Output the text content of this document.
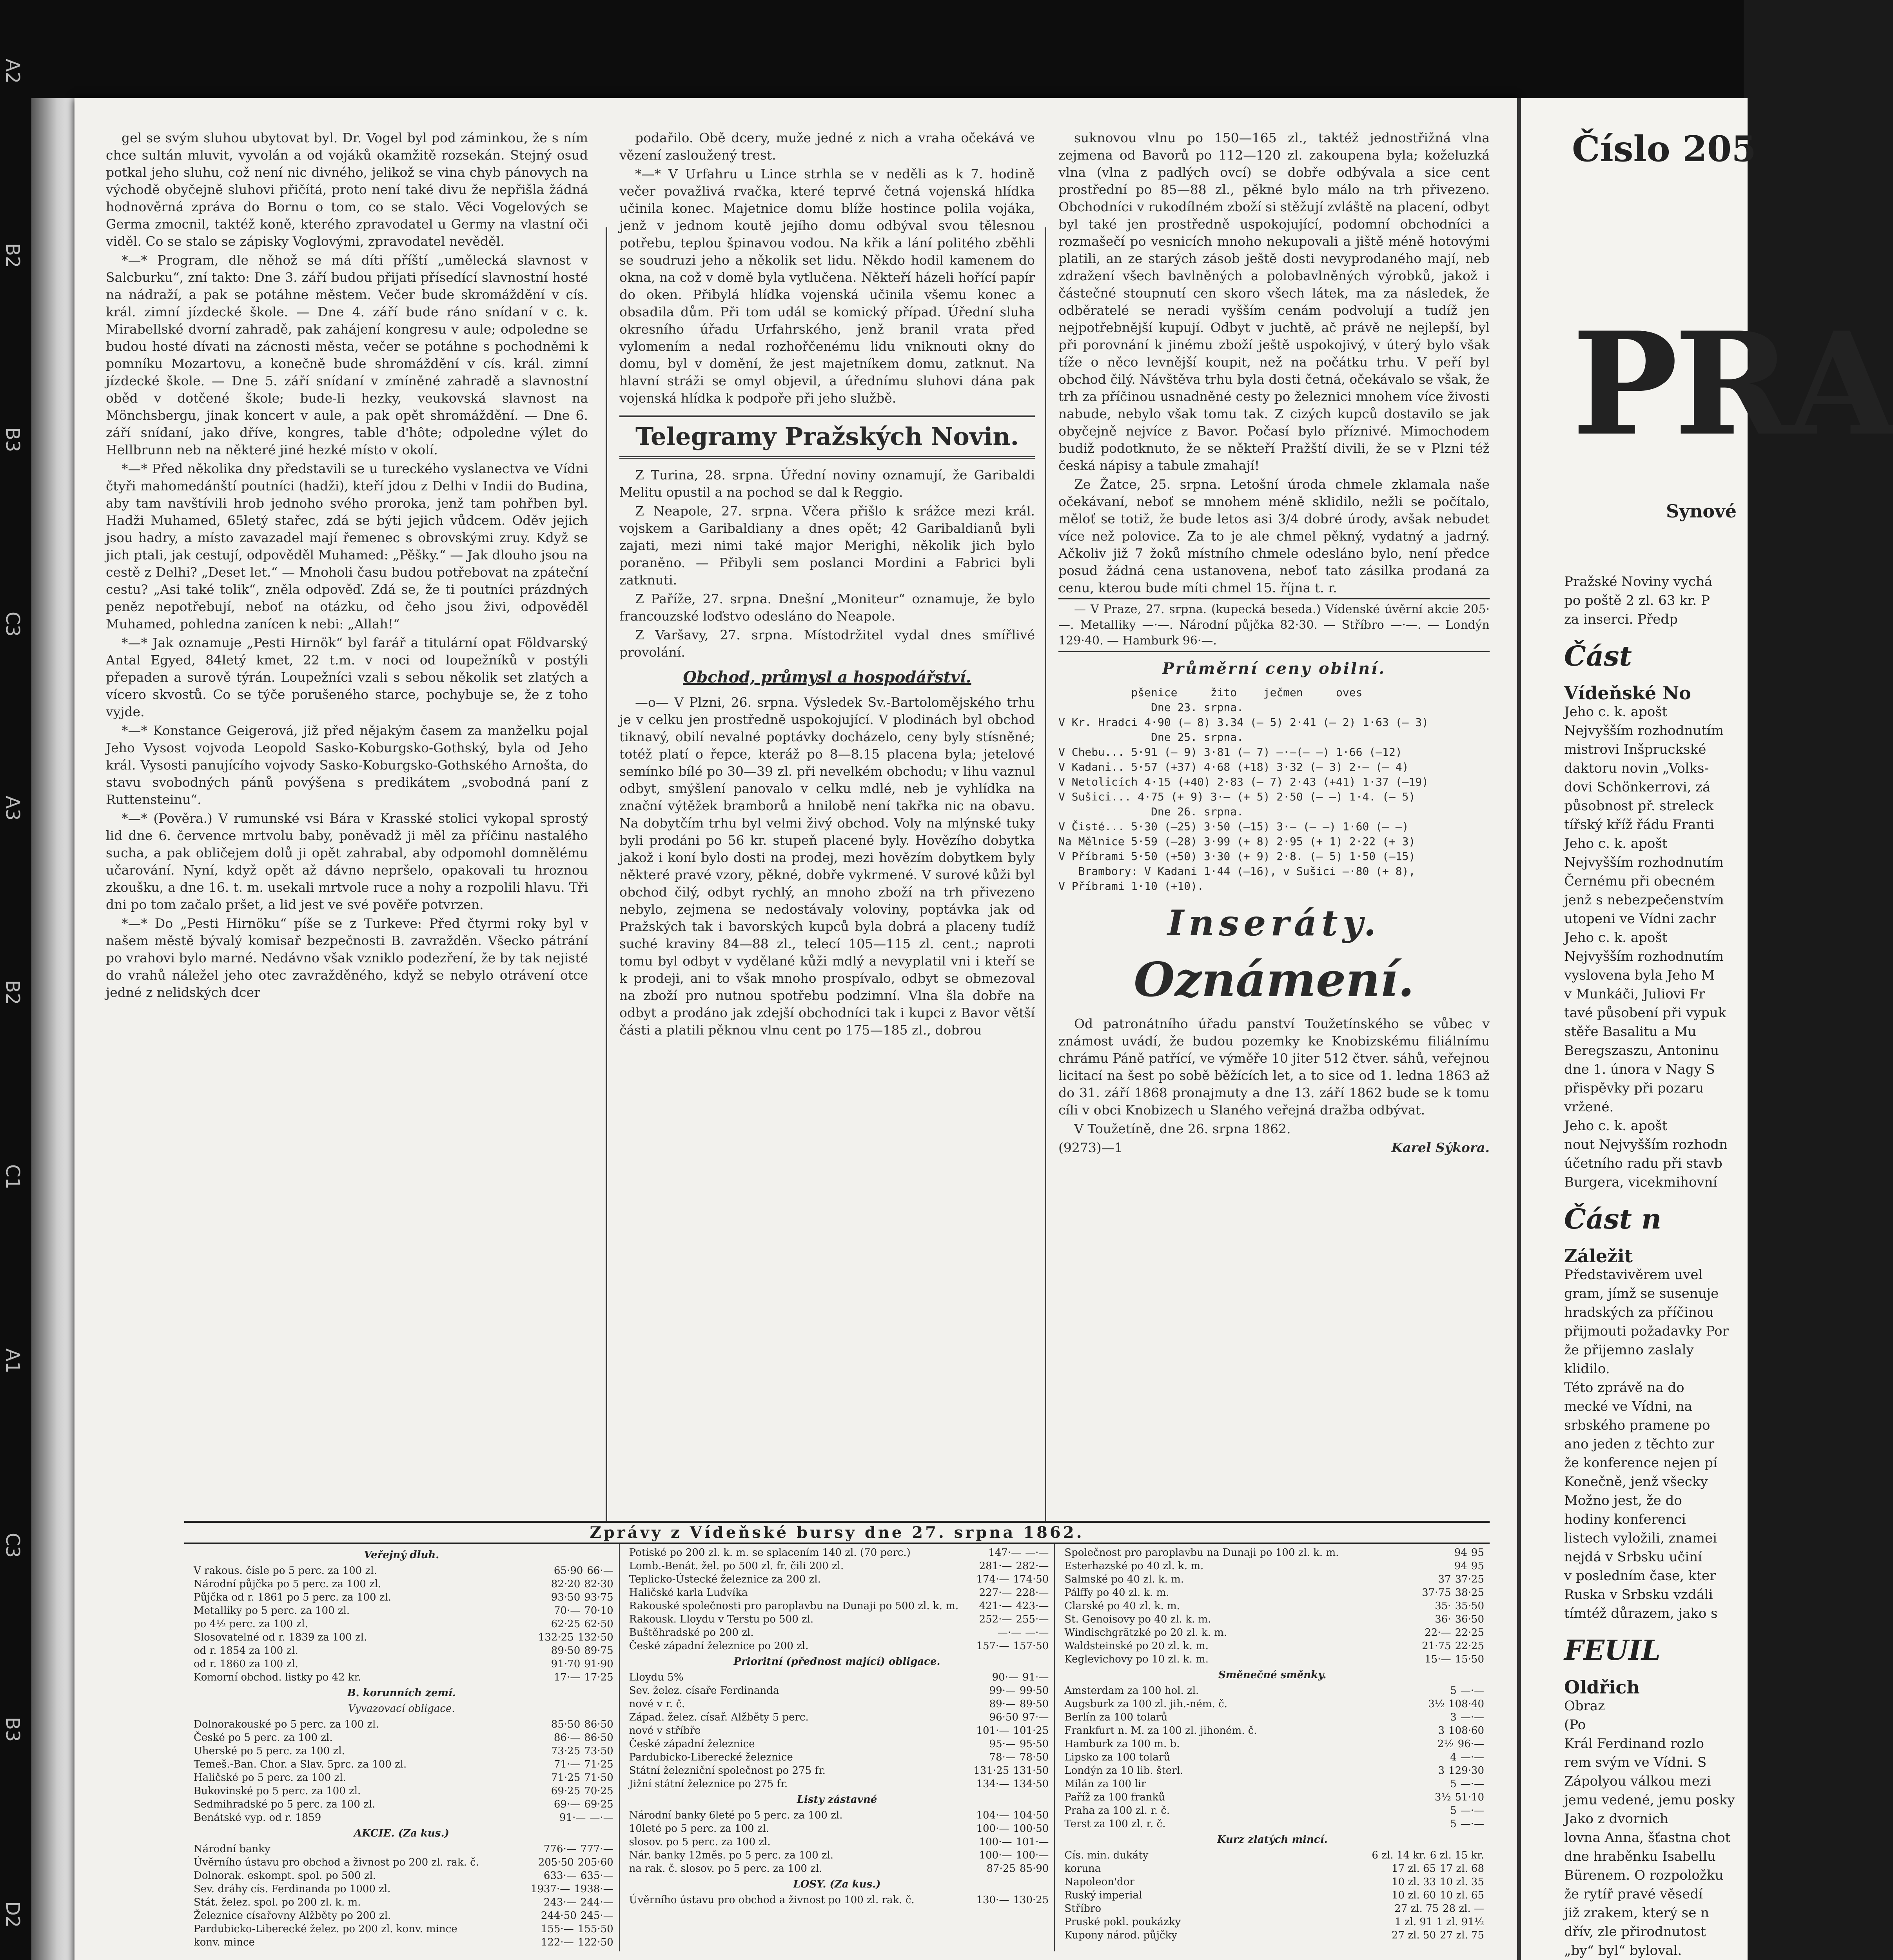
A2
B2
B3
C3
A3
B2
C1
A1
C3
B3
D2

gel se svým sluhou ubytovat byl. Dr. Vogel byl pod záminkou, že s ním chce sultán mluvit, vyvolán a od vojáků okamžitě rozsekán. Stejný osud potkal jeho sluhu, což není nic divného, jelikož se vina chyb pánovych na východě obyčejně sluhovi přičítá, proto není také divu že nepřišla žádná hodnověrná zpráva do Bornu o tom, co se stalo. Věci Vogelových se Germa zmocnil, taktéž koně, kterého zpravodatel u Germy na vlastní oči viděl. Co se stalo se zápisky Voglovými, zpravodatel nevěděl.

*—* Program, dle něhož se má díti příští „umělecká slavnost v Salcburku“, zní takto: Dne 3. září budou přijati přísedící slavnostní hosté na nádraží, a pak se potáhne městem. Večer bude skromáždění v cís. král. zimní jízdecké škole. — Dne 4. září bude ráno snídaní v c. k. Mirabellské dvorní zahradě, pak zahájení kongresu v aule; odpoledne se budou hosté dívati na zácnosti města, večer se potáhne s pochodněmi k pomníku Mozartovu, a konečně bude shromáždění v cís. král. zimní jízdecké škole. — Dne 5. září snídaní v zmíněné zahradě a slavnostní oběd v dotčené škole; bude-li hezky, veukovská slavnost na Mönchsbergu, jinak koncert v aule, a pak opět shromáždění. — Dne 6. září snídaní, jako dříve, kongres, table d'hôte; odpoledne výlet do Hellbrunn neb na některé jiné hezké místo v okolí.

*—* Před několika dny představili se u tureckého vyslanectva ve Vídni čtyři mahomedánští poutníci (hadži), kteří jdou z Delhi v Indii do Budina, aby tam navštívili hrob jednoho svého proroka, jenž tam pohřben byl. Hadži Muhamed, 65letý stařec, zdá se býti jejich vůdcem. Oděv jejich jsou hadry, a místo zavazadel mají řemenec s obrovskými zruy. Když se jich ptali, jak cestují, odpověděl Muhamed: „Pěšky.“ — Jak dlouho jsou na cestě z Delhi? „Deset let.“ — Mnoholi času budou potřebovat na zpáteční cestu? „Asi také tolik“, zněla odpověď. Zdá se, že ti poutníci prázdných peněz nepotřebují, neboť na otázku, od čeho jsou živi, odpověděl Muhamed, pohledna zanícen k nebi: „Allah!“

*—* Jak oznamuje „Pesti Hirnök“ byl farář a titulární opat Földvarský Antal Egyed, 84letý kmet, 22 t.m. v noci od loupežníků v postýli přepaden a surově týrán. Loupežníci vzali s sebou několik set zlatých a vícero skvostů. Co se týče porušeného starce, pochybuje se, že z toho vyjde.

*—* Konstance Geigerová, již před nějakým časem za manželku pojal Jeho Vysost vojvoda Leopold Sasko-Koburgsko-Gothský, byla od Jeho král. Vysosti panujícího vojvody Sasko-Koburgsko-Gothského Arnošta, do stavu svobodných pánů povýšena s predikátem „svobodná paní z Ruttensteinu“.

*—* (Pověra.) V rumunské vsi Bára v Krasské stolici vykopal sprostý lid dne 6. července mrtvolu baby, poněvadž ji měl za příčinu nastalého sucha, a pak obličejem dolů ji opět zahrabal, aby odpomohl domnělému učarování. Nyní, když opět až dávno nepršelo, opakovali tu hroznou zkoušku, a dne 16. t. m. usekali mrtvole ruce a nohy a rozpolili hlavu. Tři dni po tom začalo pršet, a lid jest ve své pověře potvrzen.

*—* Do „Pesti Hirnöku“ píše se z Turkeve: Před čtyrmi roky byl v našem městě bývalý komisař bezpečnosti B. zavražděn. Všecko pátrání po vrahovi bylo marné. Nedávno však vzniklo podezření, že by tak nejisté do vrahů náležel jeho otec zavražděného, když se nebylo otrávení otce jedné z nelidských dcer

podařilo. Obě dcery, muže jedné z nich a vraha očekává ve vězení zasloužený trest.

*—* V Urfahru u Lince strhla se v neděli as k 7. hodině večer považlivá rvačka, které teprvé četná vojenská hlídka učinila konec. Majetnice domu blíže hostince polila vojáka, jenž v jednom koutě jejího domu odbýval svou tělesnou potřebu, teplou špinavou vodou. Na křik a lání politého zběhli se soudruzi jeho a několik set lidu. Někdo hodil kamenem do okna, na což v domě byla vytlučena. Někteří házeli hořící papír do oken. Přibylá hlídka vojenská učinila všemu konec a obsadila dům. Při tom udál se komický případ. Úřední sluha okresního úřadu Urfahrského, jenž branil vrata před vylomením a nedal rozhořčenému lidu vniknouti okny do domu, byl v domění, že jest majetníkem domu, zatknut. Na hlavní stráži se omyl objevil, a úřednímu sluhovi dána pak vojenská hlídka k podpoře při jeho službě.

Telegramy Pražských Novin.

Z Turina, 28. srpna. Úřední noviny oznamují, že Garibaldi Melitu opustil a na pochod se dal k Reggio.

Z Neapole, 27. srpna. Včera přišlo k srážce mezi král. vojskem a Garibaldiany a dnes opět; 42 Garibaldianů byli zajati, mezi nimi také major Merighi, několik jich bylo poraněno. — Přibyli sem poslanci Mordini a Fabrici byli zatknuti.

Z Paříže, 27. srpna. Dnešní „Moniteur“ oznamuje, že bylo francouzské loďstvo odesláno do Neapole.

Z Varšavy, 27. srpna. Místodržitel vydal dnes smířlivé provolání.

Obchod, průmysl a hospodářství.

—o— V Plzni, 26. srpna. Výsledek Sv.-Bartolomějského trhu je v celku jen prostředně uspokojující. V plodinách byl obchod tiknavý, obilí nevalné poptávky docházelo, ceny byly stísněné; totéž platí o řepce, kteráž po 8—8.15 placena byla; jetelové semínko bílé po 30—39 zl. při nevelkém obchodu; v lihu vaznul odbyt, smýšlení panovalo v celku mdlé, neb je vyhlídka na znační výtěžek bramborů a hnilobě není takřka nic na obavu. Na dobytčím trhu byl velmi živý obchod. Voly na mlýnské tuky byli prodáni po 56 kr. stupeň placené byly. Hovězího dobytka jakož i koní bylo dosti na prodej, mezi hovězím dobytkem byly některé pravé vzory, pěkné, dobře vykrmené. V surové kůži byl obchod čilý, odbyt rychlý, an mnoho zboží na trh přivezeno nebylo, zejmena se nedostávaly voloviny, poptávka jak od Pražských tak i bavorských kupců byla dobrá a placeny tudíž suché kraviny 84—88 zl., telecí 105—115 zl. cent.; naproti tomu byl odbyt v vydělané kůži mdlý a nevyplatil vni i kteří se k prodeji, ani to však mnoho prospívalo, odbyt se obmezoval na zboží pro nutnou spotřebu podzimní. Vlna šla dobře na odbyt a prodáno jak zdejší obchodníci tak i kupci z Bavor větší části a platili pěknou vlnu cent po 175—185 zl., dobrou

suknovou vlnu po 150—165 zl., taktéž jednostřižná vlna zejmena od Bavorů po 112—120 zl. zakoupena byla; koželuzká vlna (vlna z padlých ovcí) se dobře odbývala a sice cent prostřední po 85—88 zl., pěkné bylo málo na trh přivezeno. Obchodníci v rukodílném zboží si stěžují zvláště na placení, odbyt byl také jen prostředně uspokojující, podomní obchodníci a rozmašečí po vesnicích mnoho nekupovali a jiště méně hotovými platili, an ze starých zásob ještě dosti nevyprodaného mají, neb zdražení všech bavlněných a polobavlněných výrobků, jakož i částečné stoupnutí cen skoro všech látek, ma za následek, že odběratelé se neradi vyšším cenám podvolují a tudíž jen nejpotřebnější kupují. Odbyt v juchtě, ač právě ne nejlepší, byl při porovnání k jinému zboží ještě uspokojivý, v úterý bylo však tíže o něco levnější koupit, než na počátku trhu. V peří byl obchod čilý. Návštěva trhu byla dosti četná, očekávalo se však, že trh za příčinou usnadněné cesty po železnici mnohem více živosti nabude, nebylo však tomu tak. Z cizých kupců dostavilo se jak obyčejně nejvíce z Bavor. Počasí bylo příznivé. Mimochodem budiž podotknuto, že se někteří Pražští divili, že se v Plzni též česká nápisy a tabule zmahají!

Ze Žatce, 25. srpna. Letošní úroda chmele zklamala naše očekávaní, neboť se mnohem méně sklidilo, nežli se počítalo, měloť se totiž, že bude letos asi 3/4 dobré úrody, avšak nebudet více než polovice. Za to je ale chmel pěkný, vydatný a jadrný. Ačkoliv již 7 žoků místního chmele odesláno bylo, není předce posud žádná cena ustanovena, neboť tato zásilka prodaná za cenu, kterou bude míti chmel 15. října t. r.

— V Praze, 27. srpna. (kupecká beseda.) Vídenské úvěrní akcie 205·—. Metalliky —·—. Národní půjčka 82·30. — Stříbro —·—. — Londýn 129·40. — Hamburk 96·—.

Průměrní ceny obilní.
pšenice     žito    ječmen     oves
Dne 23. srpna.
V Kr. Hradci 4·90 (— 8) 3.34 (— 5) 2·41 (— 2) 1·63 (— 3)
Dne 25. srpna.
V Chebu... 5·91 (— 9) 3·81 (— 7) —·—(— —) 1·66 (—12)
V Kadani.. 5·57 (+37) 4·68 (+18) 3·32 (— 3) 2·— (— 4)
V Netolicích 4·15 (+40) 2·83 (— 7) 2·43 (+41) 1·37 (—19)
V Sušici... 4·75 (+ 9) 3·— (+ 5) 2·50 (— —) 1·4. (— 5)
Dne 26. srpna.
V Čisté... 5·30 (—25) 3·50 (—15) 3·— (— —) 1·60 (— —)
Na Mělnice 5·59 (—28) 3·99 (+ 8) 2·95 (+ 1) 2·22 (+ 3)
V Příbrami 5·50 (+50) 3·30 (+ 9) 2·8. (— 5) 1·50 (—15)
Brambory: V Kadani 1·44 (—16), v Sušici —·80 (+ 8),
V Příbrami 1·10 (+10).
Inseráty.
Oznámení.

Od patronátního úřadu panství Toužetínského se vůbec v známost uvádí, že budou pozemky ke Knobizskému filiálnímu chrámu Páně patřící, ve výměře 10 jiter 512 čtver. sáhů, veřejnou licitací na šest po sobě běžících let, a to sice od 1. ledna 1863 až do 31. září 1868 pronajmuty a dne 13. září 1862 bude se k tomu cíli v obci Knobizech u Slaného veřejná dražba odbývat.

V Toužetíně, dne 26. srpna 1862.

(9273)—1	Karel Sýkora.
Zprávy z Vídeňské bursy dne 27. srpna 1862.
Veřejný dluh.
V rakous. čísle po 5 perc. za 100 zl.	65·90 66·—
Národní půjčka po 5 perc. za 100 zl.	82·20 82·30
Půjčka od r. 1861 po 5 perc. za 100 zl.	93·50 93·75
Metalliky po 5 perc. za 100 zl.	70·— 70·10
po 4½ perc. za 100 zl.	62·25 62·50
Slosovatelné od r. 1839 za 100 zl.	132·25 132·50
od r. 1854 za 100 zl.	89·50 89·75
od r. 1860 za 100 zl.	91·70 91·90
Komorní obchod. listky po 42 kr.	17·— 17·25
B. korunních zemí.
Vyvazovací obligace.
Dolnorakouské po 5 perc. za 100 zl.	85·50 86·50
České po 5 perc. za 100 zl.	86·— 86·50
Uherské po 5 perc. za 100 zl.	73·25 73·50
Temeš.-Ban. Chor. a Slav. 5prc. za 100 zl.	71·— 71·25
Haličské po 5 perc. za 100 zl.	71·25 71·50
Bukovinské po 5 perc. za 100 zl.	69·25 70·25
Sedmihradské po 5 perc. za 100 zl.	69·— 69·25
Benátské vyp. od r. 1859	91·— —·—
AKCIE. (Za kus.)
Národní banky	776·— 777·—
Úvěrního ústavu pro obchod a živnost po 200 zl. rak. č.	205·50 205·60
Dolnorak. eskompt. spol. po 500 zl.	633·— 635·—
Sev. dráhy cís. Ferdinanda po 1000 zl.	1937·— 1938·—
Stát. želez. spol. po 200 zl. k. m.	243·— 244·—
Železnice císařovny Alžběty po 200 zl.	244·50 245·—
Pardubicko-Liberecké želez. po 200 zl. konv. mince	155·— 155·50
konv. mince	122·— 122·50
Potiské po 200 zl. k. m. se splacením 140 zl. (70 perc.)	147·— —·—
Lomb.-Benát. žel. po 500 zl. fr. čili 200 zl.	281·— 282·—
Teplicko-Ústecké železnice za 200 zl.	174·— 174·50
Haličské karla Ludvíka	227·— 228·—
Rakouské společnosti pro paroplavbu na Dunaji po 500 zl. k. m.	421·— 423·—
Rakousk. Lloydu v Terstu po 500 zl.	252·— 255·—
Buštěhradské po 200 zl.	—·— —·—
České západní železnice po 200 zl.	157·— 157·50
Prioritní (přednost mající) obligace.
Lloydu 5%	90·— 91·—
Sev. želez. císaře Ferdinanda	99·— 99·50
nové v r. č.	89·— 89·50
Západ. želez. císař. Alžběty 5 perc.	96·50 97·—
nové v stříbře	101·— 101·25
České západní železnice	95·— 95·50
Pardubicko-Liberecké železnice	78·— 78·50
Státní železniční společnost po 275 fr.	131·25 131·50
Jižní státní železnice po 275 fr.	134·— 134·50
Listy zástavné
Národní banky 6leté po 5 perc. za 100 zl.	104·— 104·50
10leté po 5 perc. za 100 zl.	100·— 100·50
slosov. po 5 perc. za 100 zl.	100·— 101·—
Nár. banky 12měs. po 5 perc. za 100 zl.	100·— 100·—
na rak. č. slosov. po 5 perc. za 100 zl.	87·25 85·90
LOSY. (Za kus.)
Úvěrního ústavu pro obchod a živnost po 100 zl. rak. č.	130·— 130·25
Společnost pro paroplavbu na Dunaji po 100 zl. k. m.	94 95
Esterhazské po 40 zl. k. m.	94 95
Salmské po 40 zl. k. m.	37 37·25
Pálffy po 40 zl. k. m.	37·75 38·25
Clarské po 40 zl. k. m.	35· 35·50
St. Genoisovy po 40 zl. k. m.	36· 36·50
Windischgrätzké po 20 zl. k. m.	22·— 22·25
Waldsteinské po 20 zl. k. m.	21·75 22·25
Keglevichovy po 10 zl. k. m.	15·— 15·50
Směnečné směnky.
Amsterdam za 100 hol. zl.	5 —·—
Augsburk za 100 zl. jih.-ném. č.	3½ 108·40
Berlín za 100 tolarů	3 —·—
Frankfurt n. M. za 100 zl. jihoném. č.	3 108·60
Hamburk za 100 m. b.	2½ 96·—
Lipsko za 100 tolarů	4 —·—
Londýn za 10 lib. šterl.	3 129·30
Milán za 100 lir	5 —·—
Paříž za 100 franků	3½ 51·10
Praha za 100 zl. r. č.	5 —·—
Terst za 100 zl. r. č.	5 —·—
Kurz zlatých mincí.
Cís. min. dukáty	6 zl. 14 kr. 6 zl. 15 kr.
koruna	17 zl. 65 17 zl. 68
Napoleon'dor	10 zl. 33 10 zl. 35
Ruský imperial	10 zl. 60 10 zl. 65
Stříbro	27 zl. 75 28 zl. —
Pruské pokl. poukázky	1 zl. 91 1 zl. 91½
Kupony národ. půjčky	27 zl. 50 27 zl. 75

Číslo 205
PRA
Synové

Pražské Noviny vychá

po poště 2 zl. 63 kr. P

za inserci. Předp

Část

Vídeňské No

Jeho c. k. apošt

Nejvyšším rozhodnutím

mistrovi Inšpruckské

daktoru novin „Volks-

dovi Schönkerrovi, zá

působnost př. streleck

tířský kříž řádu Franti

Jeho c. k. apošt

Nejvyšším rozhodnutím

Černému při obecném

jenž s nebezpečenstvím

utopeni ve Vídni zachr

Jeho c. k. apošt

Nejvyšším rozhodnutím

vyslovena byla Jeho M

v Munkáči, Juliovi Fr

tavé působení při vypuk

stěře Basalitu a Mu

Beregszaszu, Antoninu

dne 1. února v Nagy S

přispěvky při pozaru

vržené.

Jeho c. k. apošt

nout Nejvyšším rozhodn

účetního radu při stavb

Burgera, vicekmihovní

Část n

Záležit

Představivěrem uvel

gram, jímž se susenuje

hradských za příčinou

přijmouti požadavky Por

že přijemno zaslaly

klidilo.

Této zprávě na do

mecké ve Vídni, na

srbského pramene po

ano jeden z těchto zur

že konference nejen pí

Konečně, jenž všecky

Možno jest, že do

hodiny konferenci

listech vyložili, znamei

nejdá v Srbsku učiní

v posledním čase, kter

Ruska v Srbsku vzdáli

tímtéž důrazem, jako s

FEUIL

Oldřich

Obraz

(Po

Král Ferdinand rozlo

rem svým ve Vídni. S

Zápolyou válkou mezi

jemu vedené, jemu posky

Jako z dvornich

lovna Anna, šťastna chot

dne hraběnku Isabellu

Bürenem. O rozpoložku

že rytíř pravé věsedí

již zrakem, který se n

dřív, zle přirodnutost

„by“ byl“ byloval.
